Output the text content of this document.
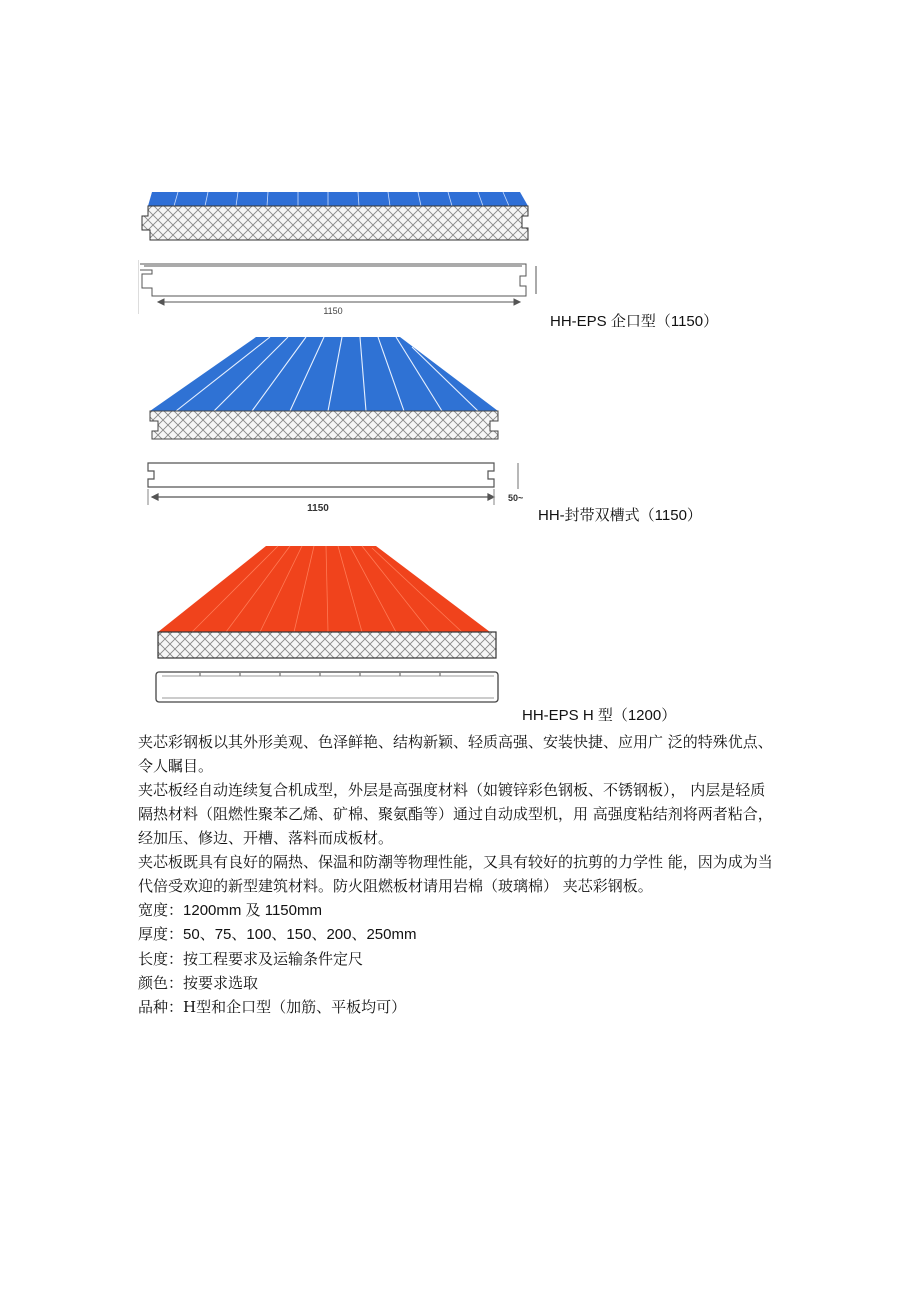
1150
HH-EPS 企口型（1150）
1150
50~
HH-封带双槽式（1150）
HH-EPS H 型（1200）
夹芯彩钢板以其外形美观、色泽鲜艳、结构新颖、轻质高强、安装快捷、应用广 泛的特殊优点、令人瞩目。
夹芯板经自动连续复合机成型，外层是高强度材料（如镀锌彩色钢板、不锈钢板）， 内层是轻质隔热材料（阻燃性聚苯乙烯、矿棉、聚氨酯等）通过自动成型机，用 高强度粘结剂将两者粘合，经加压、修边、开槽、落料而成板材。
夹芯板既具有良好的隔热、保温和防潮等物理性能，又具有较好的抗剪的力学性 能，因为成为当代倍受欢迎的新型建筑材料。防火阻燃板材请用岩棉（玻璃棉） 夹芯彩钢板。
宽度：1200mm 及 1150mm
厚度：50、75、100、150、200、250mm
长度：按工程要求及运输条件定尺
颜色：按要求选取
品种：H型和企口型（加筋、平板均可）
